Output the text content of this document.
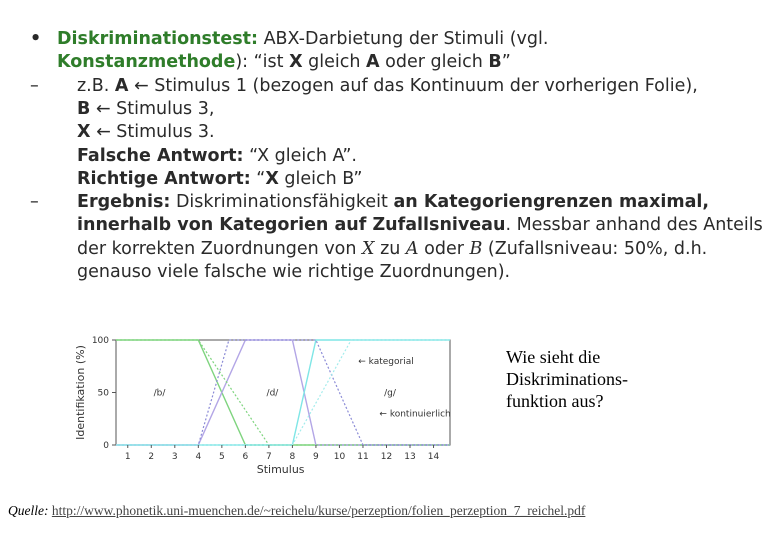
•
–
–
Diskriminationstest: ABX-Darbietung der Stimuli (vgl.
Konstanzmethode): “ist X gleich A oder gleich B”
z.B. A ← Stimulus 1 (bezogen auf das Kontinuum der vorherigen Folie),
B ← Stimulus 3,
X ← Stimulus 3.
Falsche Antwort: “X gleich A”.
Richtige Antwort: “X gleich B”
Ergebnis: Diskriminationsfähigkeit an Kategoriengrenzen maximal,
innerhalb von Kategorien auf Zufallsniveau. Messbar anhand des Anteils
der korrekten Zuordnungen von X zu A oder B (Zufallsniveau: 50%, d.h.
genauso viele falsche wie richtige Zuordnungen).
0
50
100
1 2 3 4 5 6 7 8 9 10 11 12 13 14
Stimulus
Identifikation (%)	/b/	/d/	/g/
← kategorial
← kontinuierlich
Wie sieht die
Diskriminations-
funktion aus?
Quelle: http://www.phonetik.uni-muenchen.de/~reichelu/kurse/perzeption/folien_perzeption_7_reichel.pdf
